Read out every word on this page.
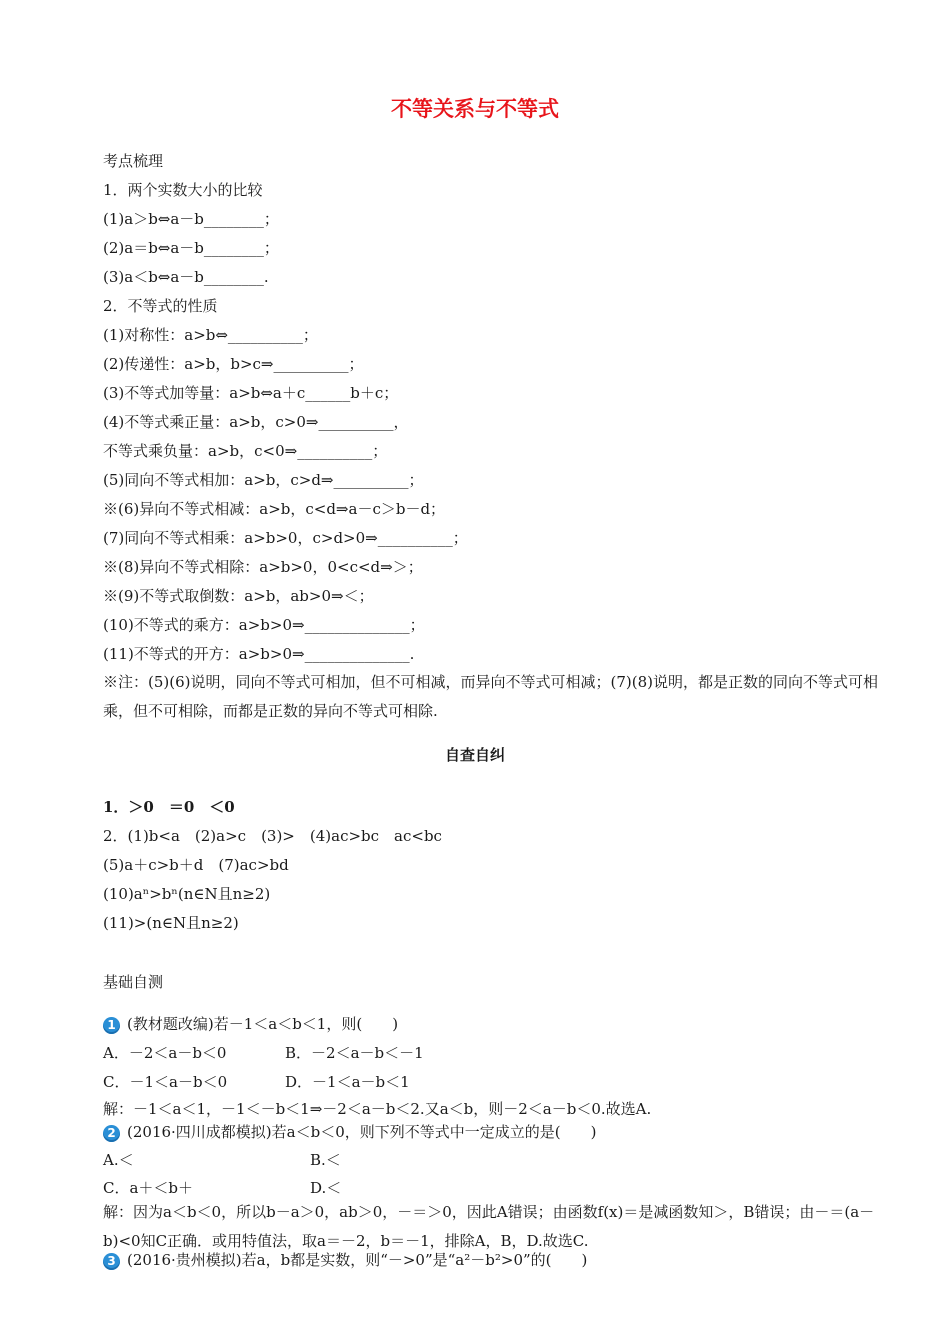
不等关系与不等式
考点梳理
1．两个实数大小的比较
(1)a＞b⇔a－b________；
(2)a＝b⇔a－b________；
(3)a＜b⇔a－b________.
2．不等式的性质
(1)对称性：a>b⇔__________；
(2)传递性：a>b，b>c⇒__________；
(3)不等式加等量：a>b⇔a＋c______b＋c；
(4)不等式乘正量：a>b，c>0⇒__________，
不等式乘负量：a>b，c<0⇒__________；
(5)同向不等式相加：a>b，c>d⇒__________；
※(6)异向不等式相减：a>b，c<d⇒a－c＞b－d；
(7)同向不等式相乘：a>b>0，c>d>0⇒__________；
※(8)异向不等式相除：a>b>0，0<c<d⇒＞；
※(9)不等式取倒数：a>b，ab>0⇒＜；
(10)不等式的乘方：a>b>0⇒______________；
(11)不等式的开方：a>b>0⇒______________.
※注：(5)(6)说明，同向不等式可相加，但不可相减，而异向不等式可相减；(7)(8)说明，都是正数的同向不等式可相乘，但不可相除，而都是正数的异向不等式可相除.
自查自纠
1．＞0　＝0　＜0
2．(1)b<a　(2)a>c　(3)>　(4)ac>bc　ac<bc
(5)a＋c>b＋d　(7)ac>bd
(10)aⁿ>bⁿ(n∈N且n≥2)
(11)>(n∈N且n≥2)
基础自测
1 (教材题改编)若－1＜a＜b＜1，则(　　)
A．－2＜a－b＜0	B．－2＜a－b＜－1
C．－1＜a－b＜0	D．－1＜a－b＜1
解：－1＜a＜1，－1＜－b＜1⇒－2＜a－b＜2.又a＜b，则－2＜a－b＜0.故选A.
2 (2016·四川成都模拟)若a＜b＜0，则下列不等式中一定成立的是(　　)
A.＜	B.＜
C．a＋＜b＋	D.＜
解：因为a＜b＜0，所以b－a＞0，ab＞0，－＝＞0，因此A错误；由函数f(x)＝是减函数知＞，B错误；由－＝(a－b)<0知C正确．或用特值法，取a＝－2，b＝－1，排除A，B，D.故选C.
3 (2016·贵州模拟)若a，b都是实数，则“－>0”是“a²－b²>0”的(　　)
